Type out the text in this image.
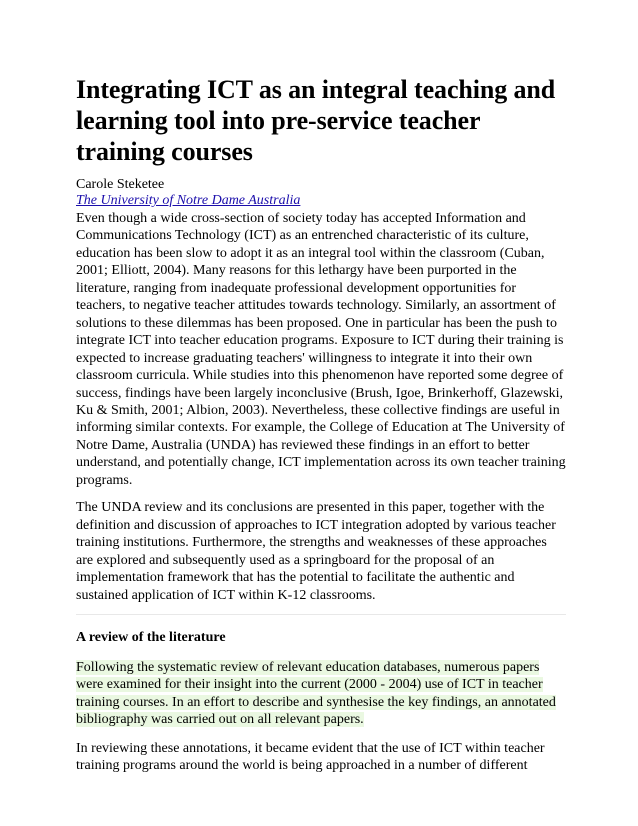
Integrating ICT as an integral teaching and learning tool into pre-service teacher training courses
Carole Steketee
The University of Notre Dame Australia

Even though a wide cross-section of society today has accepted Information and Communications Technology (ICT) as an entrenched characteristic of its culture, education has been slow to adopt it as an integral tool within the classroom (Cuban, 2001; Elliott, 2004). Many reasons for this lethargy have been purported in the literature, ranging from inadequate professional development opportunities for teachers, to negative teacher attitudes towards technology. Similarly, an assortment of solutions to these dilemmas has been proposed. One in particular has been the push to integrate ICT into teacher education programs. Exposure to ICT during their training is expected to increase graduating teachers' willingness to integrate it into their own classroom curricula. While studies into this phenomenon have reported some degree of success, findings have been largely inconclusive (Brush, Igoe, Brinkerhoff, Glazewski, Ku & Smith, 2001; Albion, 2003). Nevertheless, these collective findings are useful in informing similar contexts. For example, the College of Education at The University of Notre Dame, Australia (UNDA) has reviewed these findings in an effort to better understand, and potentially change, ICT implementation across its own teacher training programs.

The UNDA review and its conclusions are presented in this paper, together with the definition and discussion of approaches to ICT integration adopted by various teacher training institutions. Furthermore, the strengths and weaknesses of these approaches are explored and subsequently used as a springboard for the proposal of an implementation framework that has the potential to facilitate the authentic and sustained application of ICT within K-12 classrooms.

A review of the literature

Following the systematic review of relevant education databases, numerous papers were examined for their insight into the current (2000 - 2004) use of ICT in teacher training courses. In an effort to describe and synthesise the key findings, an annotated bibliography was carried out on all relevant papers.

In reviewing these annotations, it became evident that the use of ICT within teacher training programs around the world is being approached in a number of different
